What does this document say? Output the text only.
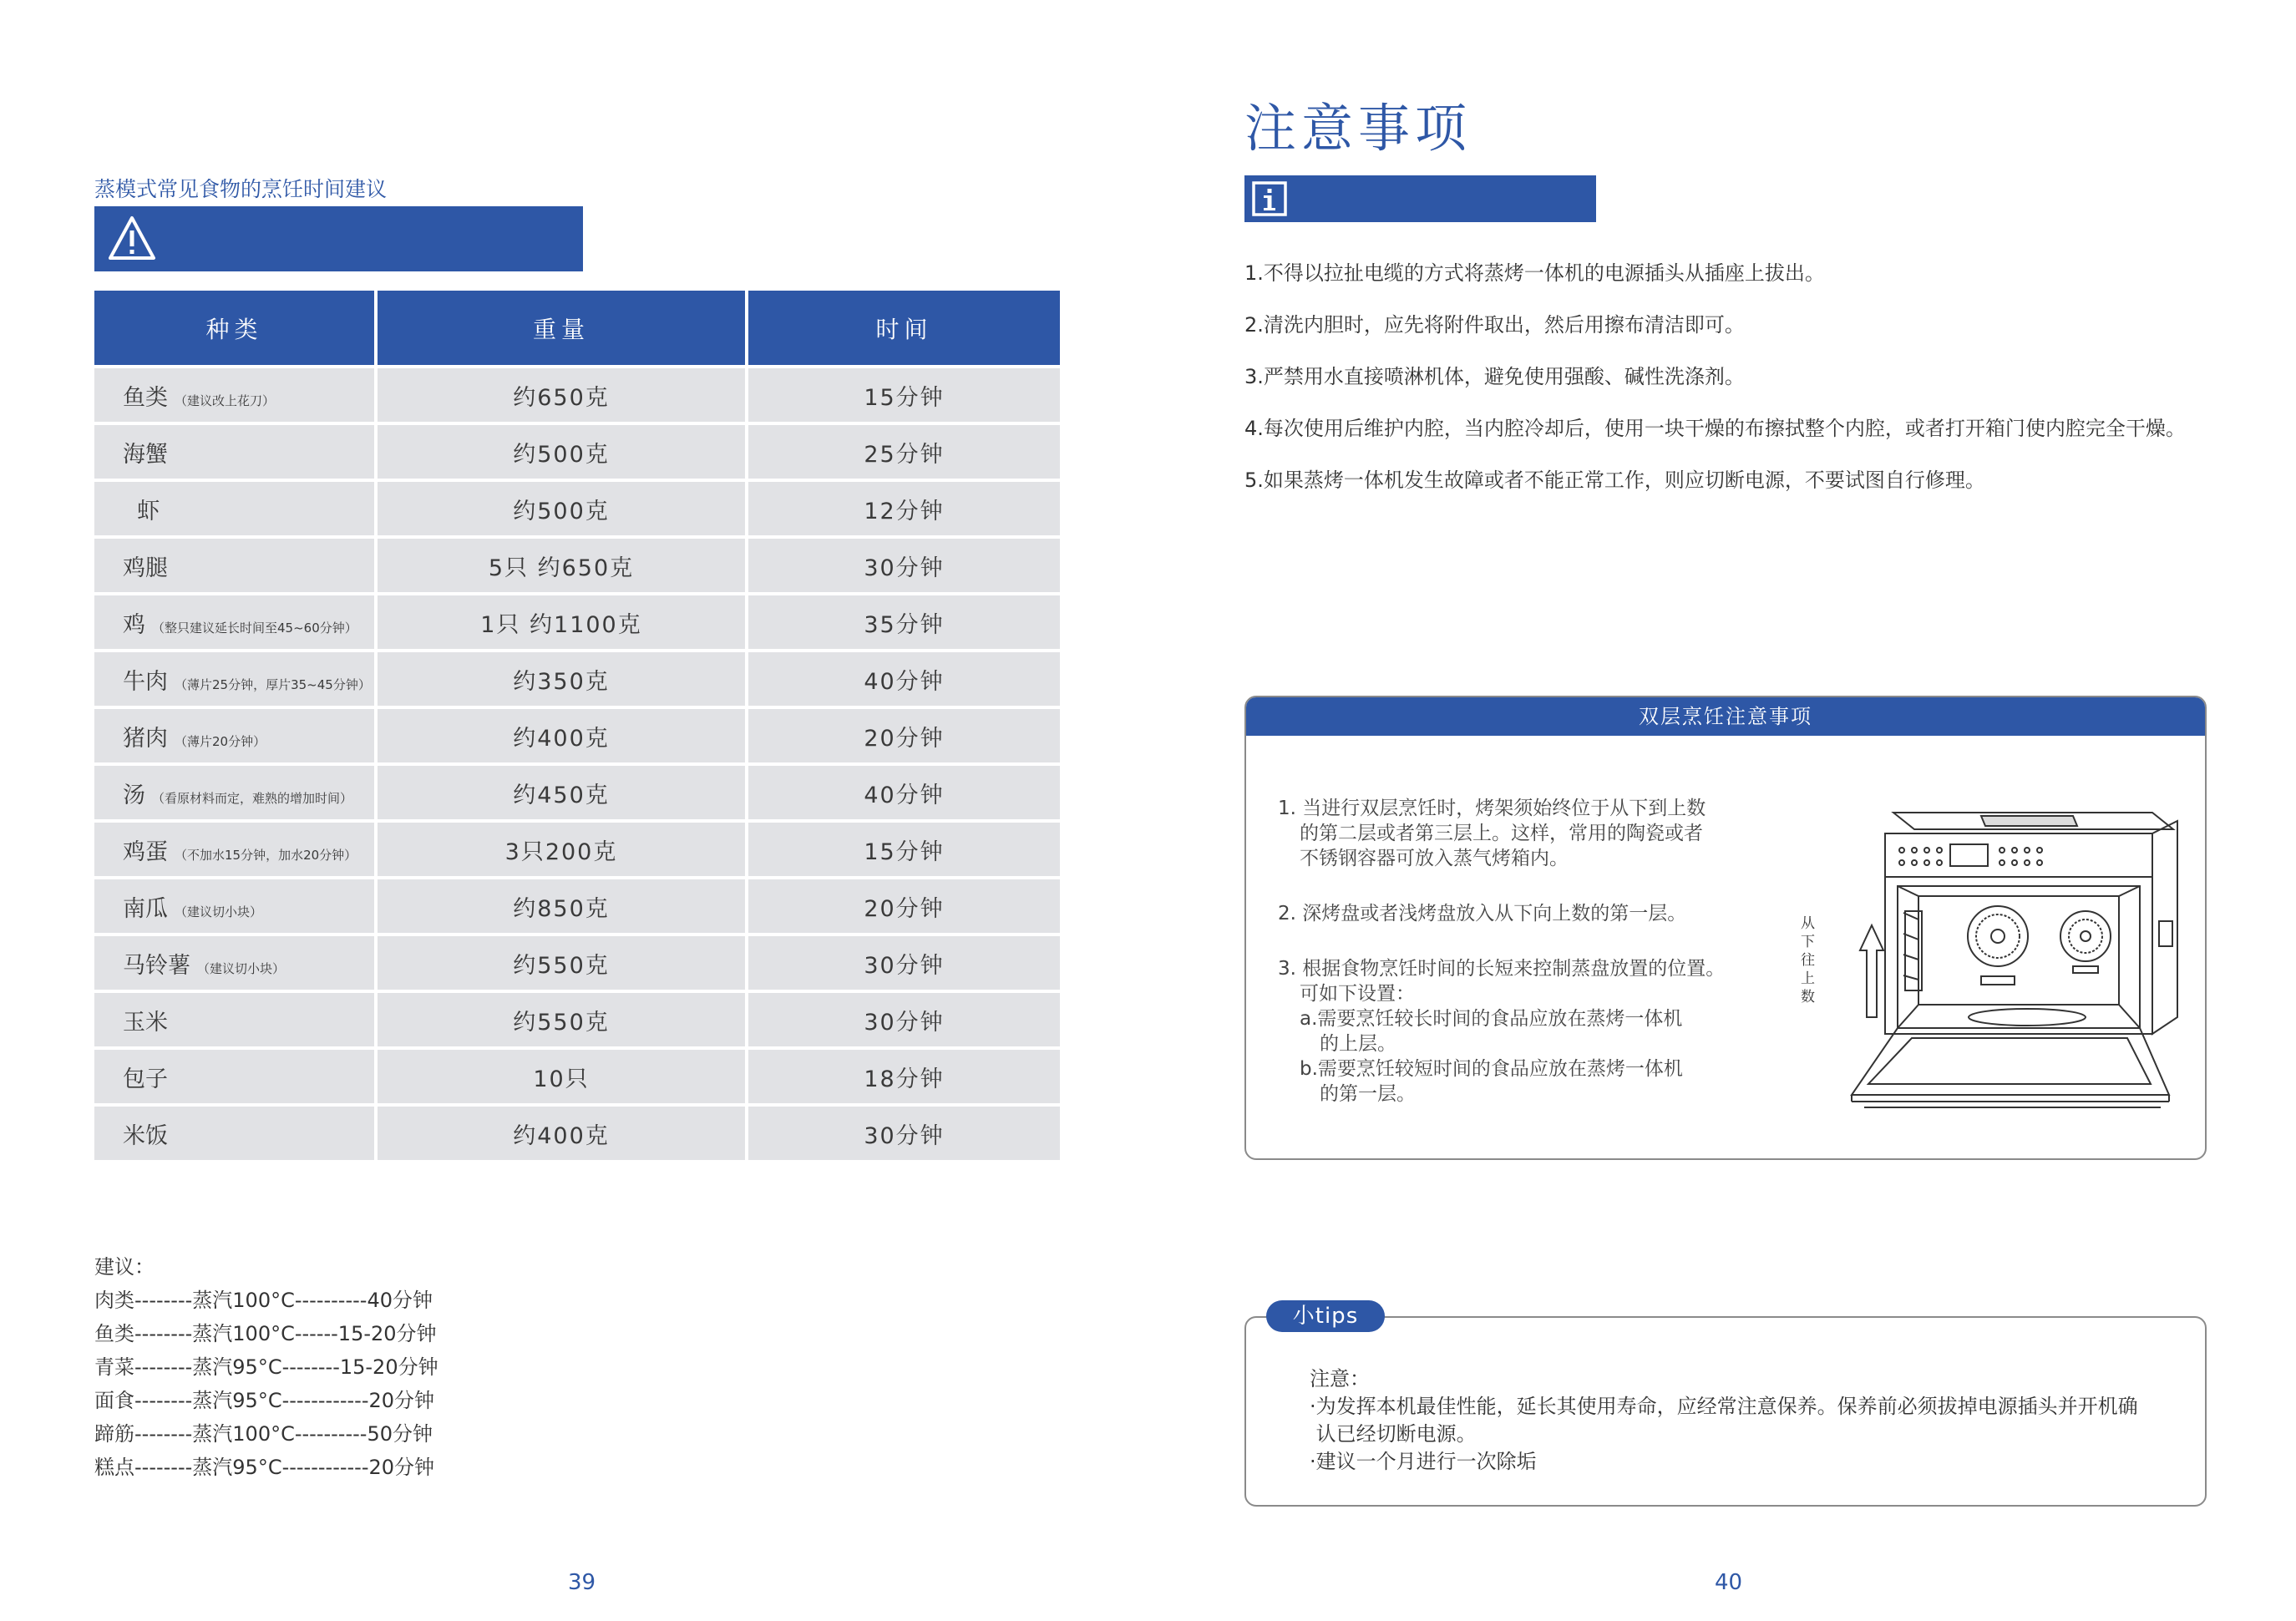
蒸模式常见食物的烹饪时间建议
种类	重量	时间
鱼类 （建议改上花刀）	约650克	15分钟
海蟹	约500克	25分钟
虾	约500克	12分钟
鸡腿	5只 约650克	30分钟
鸡 （整只建议延长时间至45~60分钟）	1只 约1100克	35分钟
牛肉 （薄片25分钟，厚片35~45分钟）	约350克	40分钟
猪肉 （薄片20分钟）	约400克	20分钟
汤 （看原材料而定，难熟的增加时间）	约450克	40分钟
鸡蛋 （不加水15分钟，加水20分钟）	3只200克	15分钟
南瓜 （建议切小块）	约850克	20分钟
马铃薯 （建议切小块）	约550克	30分钟
玉米	约550克	30分钟
包子	10只	18分钟
米饭	约400克	30分钟
建议：
肉类--------蒸汽100°C----------40分钟
鱼类--------蒸汽100°C------15-20分钟
青菜--------蒸汽95°C--------15-20分钟
面食--------蒸汽95°C------------20分钟
蹄筋--------蒸汽100°C----------50分钟
糕点--------蒸汽95°C------------20分钟
39
注意事项
1.不得以拉扯电缆的方式将蒸烤一体机的电源插头从插座上拔出。
2.清洗内胆时，应先将附件取出，然后用擦布清洁即可。
3.严禁用水直接喷淋机体，避免使用强酸、碱性洗涤剂。
4.每次使用后维护内腔，当内腔冷却后，使用一块干燥的布擦拭整个内腔，或者打开箱门使内腔完全干燥。
5.如果蒸烤一体机发生故障或者不能正常工作，则应切断电源，不要试图自行修理。
双层烹饪注意事项
1. 当进行双层烹饪时，烤架须始终位于从下到上数
的第二层或者第三层上。这样，常用的陶瓷或者
不锈钢容器可放入蒸气烤箱内。
2. 深烤盘或者浅烤盘放入从下向上数的第一层。
3. 根据食物烹饪时间的长短来控制蒸盘放置的位置。
可如下设置：
a.需要烹饪较长时间的食品应放在蒸烤一体机
的上层。
b.需要烹饪较短时间的食品应放在蒸烤一体机
的第一层。
从
下
往
上
数
小tips
注意：
·为发挥本机最佳性能，延长其使用寿命，应经常注意保养。保养前必须拔掉电源插头并开机确
认已经切断电源。
·建议一个月进行一次除垢
40
